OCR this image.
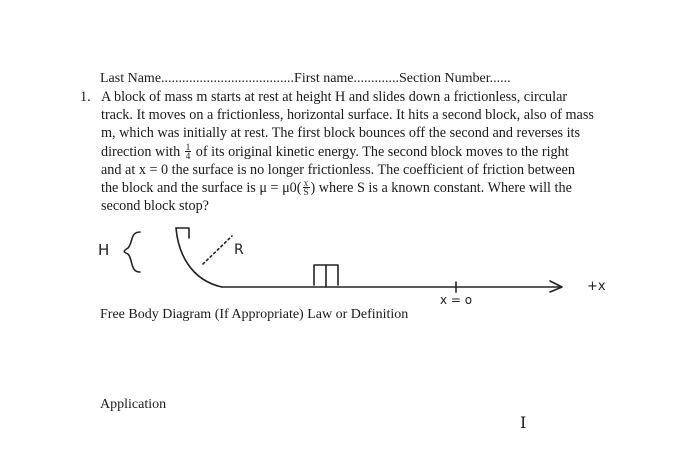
Last Name......................................First name.............Section Number......
1. A block of mass m starts at rest at height H and slides down a frictionless, circular
track. It moves on a frictionless, horizontal surface. It hits a second block, also of mass
m, which was initially at rest. The first block bounces off the second and reverses its
direction with $\frac{1}{4}$ of its original kinetic energy. The second block moves to the right
and at x = 0 the surface is no longer frictionless. The coefficient of friction between
the block and the surface is $\mu = \mu 0( \frac{x}{S}$ ) where S is a known constant. Where will the
second block stop?
H	R
x = o
+x
Free Body Diagram (If Appropriate) Law or Definition
Application
I
